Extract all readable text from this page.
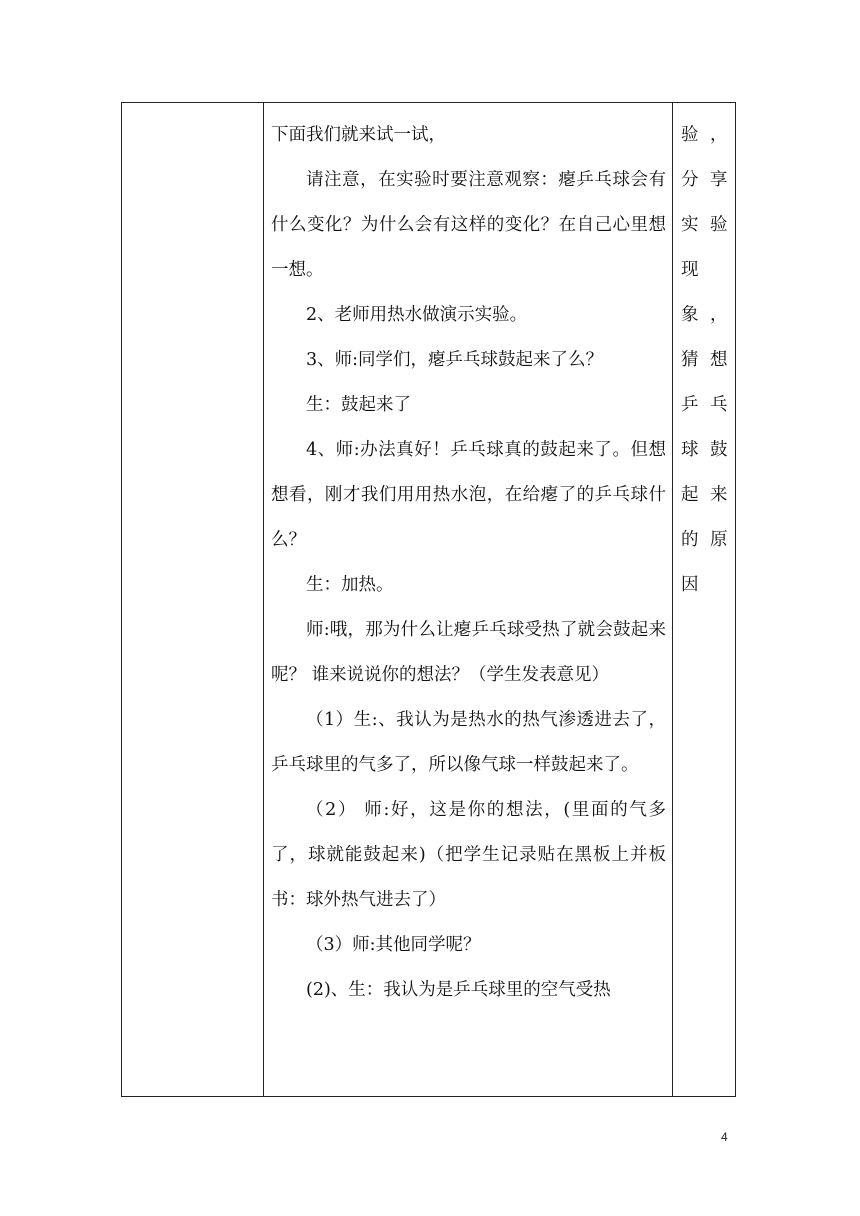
下面我们就来试一试，

请注意，在实验时要注意观察：瘪乒乓球会有什么变化？为什么会有这样的变化？在自己心里想一想。

2、老师用热水做演示实验。

3、师:同学们，瘪乒乓球鼓起来了么？

生：鼓起来了

4、师:办法真好！乒乓球真的鼓起来了。但想想看，刚才我们用用热水泡，在给瘪了的乒乓球什么？

生：加热。

师:哦，那为什么让瘪乒乓球受热了就会鼓起来呢？ 谁来说说你的想法？（学生发表意见）

（1）生:、我认为是热水的热气渗透进去了，乒乓球里的气多了，所以像气球一样鼓起来了。

（2） 师:好，这是你的想法，(里面的气多了，球就能鼓起来)（把学生记录贴在黑板上并板书：球外热气进去了）

（3）师:其他同学呢？

(2)、生：我认为是乒乓球里的空气受热

验 ，
分 享
实 验
现
象 ，
猜 想
乒 乓
球 鼓
起 来
的 原
因
4
